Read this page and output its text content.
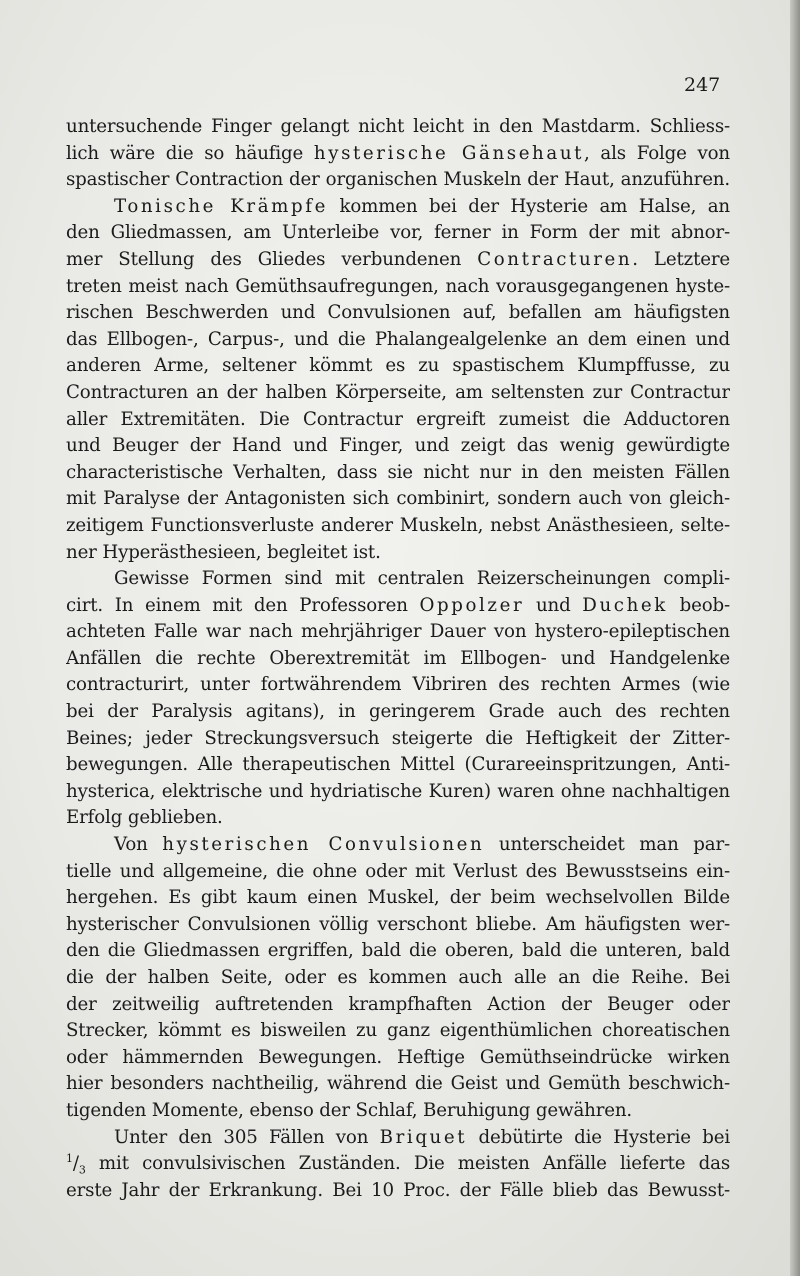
247
untersuchende Finger gelangt nicht leicht in den Mastdarm. Schliess-
lich wäre die so häufige hysterische Gänsehaut, als Folge von
spastischer Contraction der organischen Muskeln der Haut, anzuführen.
Tonische Krämpfe kommen bei der Hysterie am Halse, an
den Gliedmassen, am Unterleibe vor, ferner in Form der mit abnor-
mer Stellung des Gliedes verbundenen Contracturen. Letztere
treten meist nach Gemüthsaufregungen, nach vorausgegangenen hyste-
rischen Beschwerden und Convulsionen auf, befallen am häufigsten
das Ellbogen-, Carpus-, und die Phalangealgelenke an dem einen und
anderen Arme, seltener kömmt es zu spastischem Klumpffusse, zu
Contracturen an der halben Körperseite, am seltensten zur Contractur
aller Extremitäten. Die Contractur ergreift zumeist die Adductoren
und Beuger der Hand und Finger, und zeigt das wenig gewürdigte
characteristische Verhalten, dass sie nicht nur in den meisten Fällen
mit Paralyse der Antagonisten sich combinirt, sondern auch von gleich-
zeitigem Functionsverluste anderer Muskeln, nebst Anästhesieen, selte-
ner Hyperästhesieen, begleitet ist.
Gewisse Formen sind mit centralen Reizerscheinungen compli-
cirt. In einem mit den Professoren Oppolzer und Duchek beob-
achteten Falle war nach mehrjähriger Dauer von hystero-epileptischen
Anfällen die rechte Oberextremität im Ellbogen- und Handgelenke
contracturirt, unter fortwährendem Vibriren des rechten Armes (wie
bei der Paralysis agitans), in geringerem Grade auch des rechten
Beines; jeder Streckungsversuch steigerte die Heftigkeit der Zitter-
bewegungen. Alle therapeutischen Mittel (Curareeinspritzungen, Anti-
hysterica, elektrische und hydriatische Kuren) waren ohne nachhaltigen
Erfolg geblieben.
Von hysterischen Convulsionen unterscheidet man par-
tielle und allgemeine, die ohne oder mit Verlust des Bewusstseins ein-
hergehen. Es gibt kaum einen Muskel, der beim wechselvollen Bilde
hysterischer Convulsionen völlig verschont bliebe. Am häufigsten wer-
den die Gliedmassen ergriffen, bald die oberen, bald die unteren, bald
die der halben Seite, oder es kommen auch alle an die Reihe. Bei
der zeitweilig auftretenden krampfhaften Action der Beuger oder
Strecker, kömmt es bisweilen zu ganz eigenthümlichen choreatischen
oder hämmernden Bewegungen. Heftige Gemüthseindrücke wirken
hier besonders nachtheilig, während die Geist und Gemüth beschwich-
tigenden Momente, ebenso der Schlaf, Beruhigung gewähren.
Unter den 305 Fällen von Briquet debütirte die Hysterie bei
$^1/_3$ mit convulsivischen Zuständen. Die meisten Anfälle lieferte das
erste Jahr der Erkrankung. Bei 10 Proc. der Fälle blieb das Bewusst-
